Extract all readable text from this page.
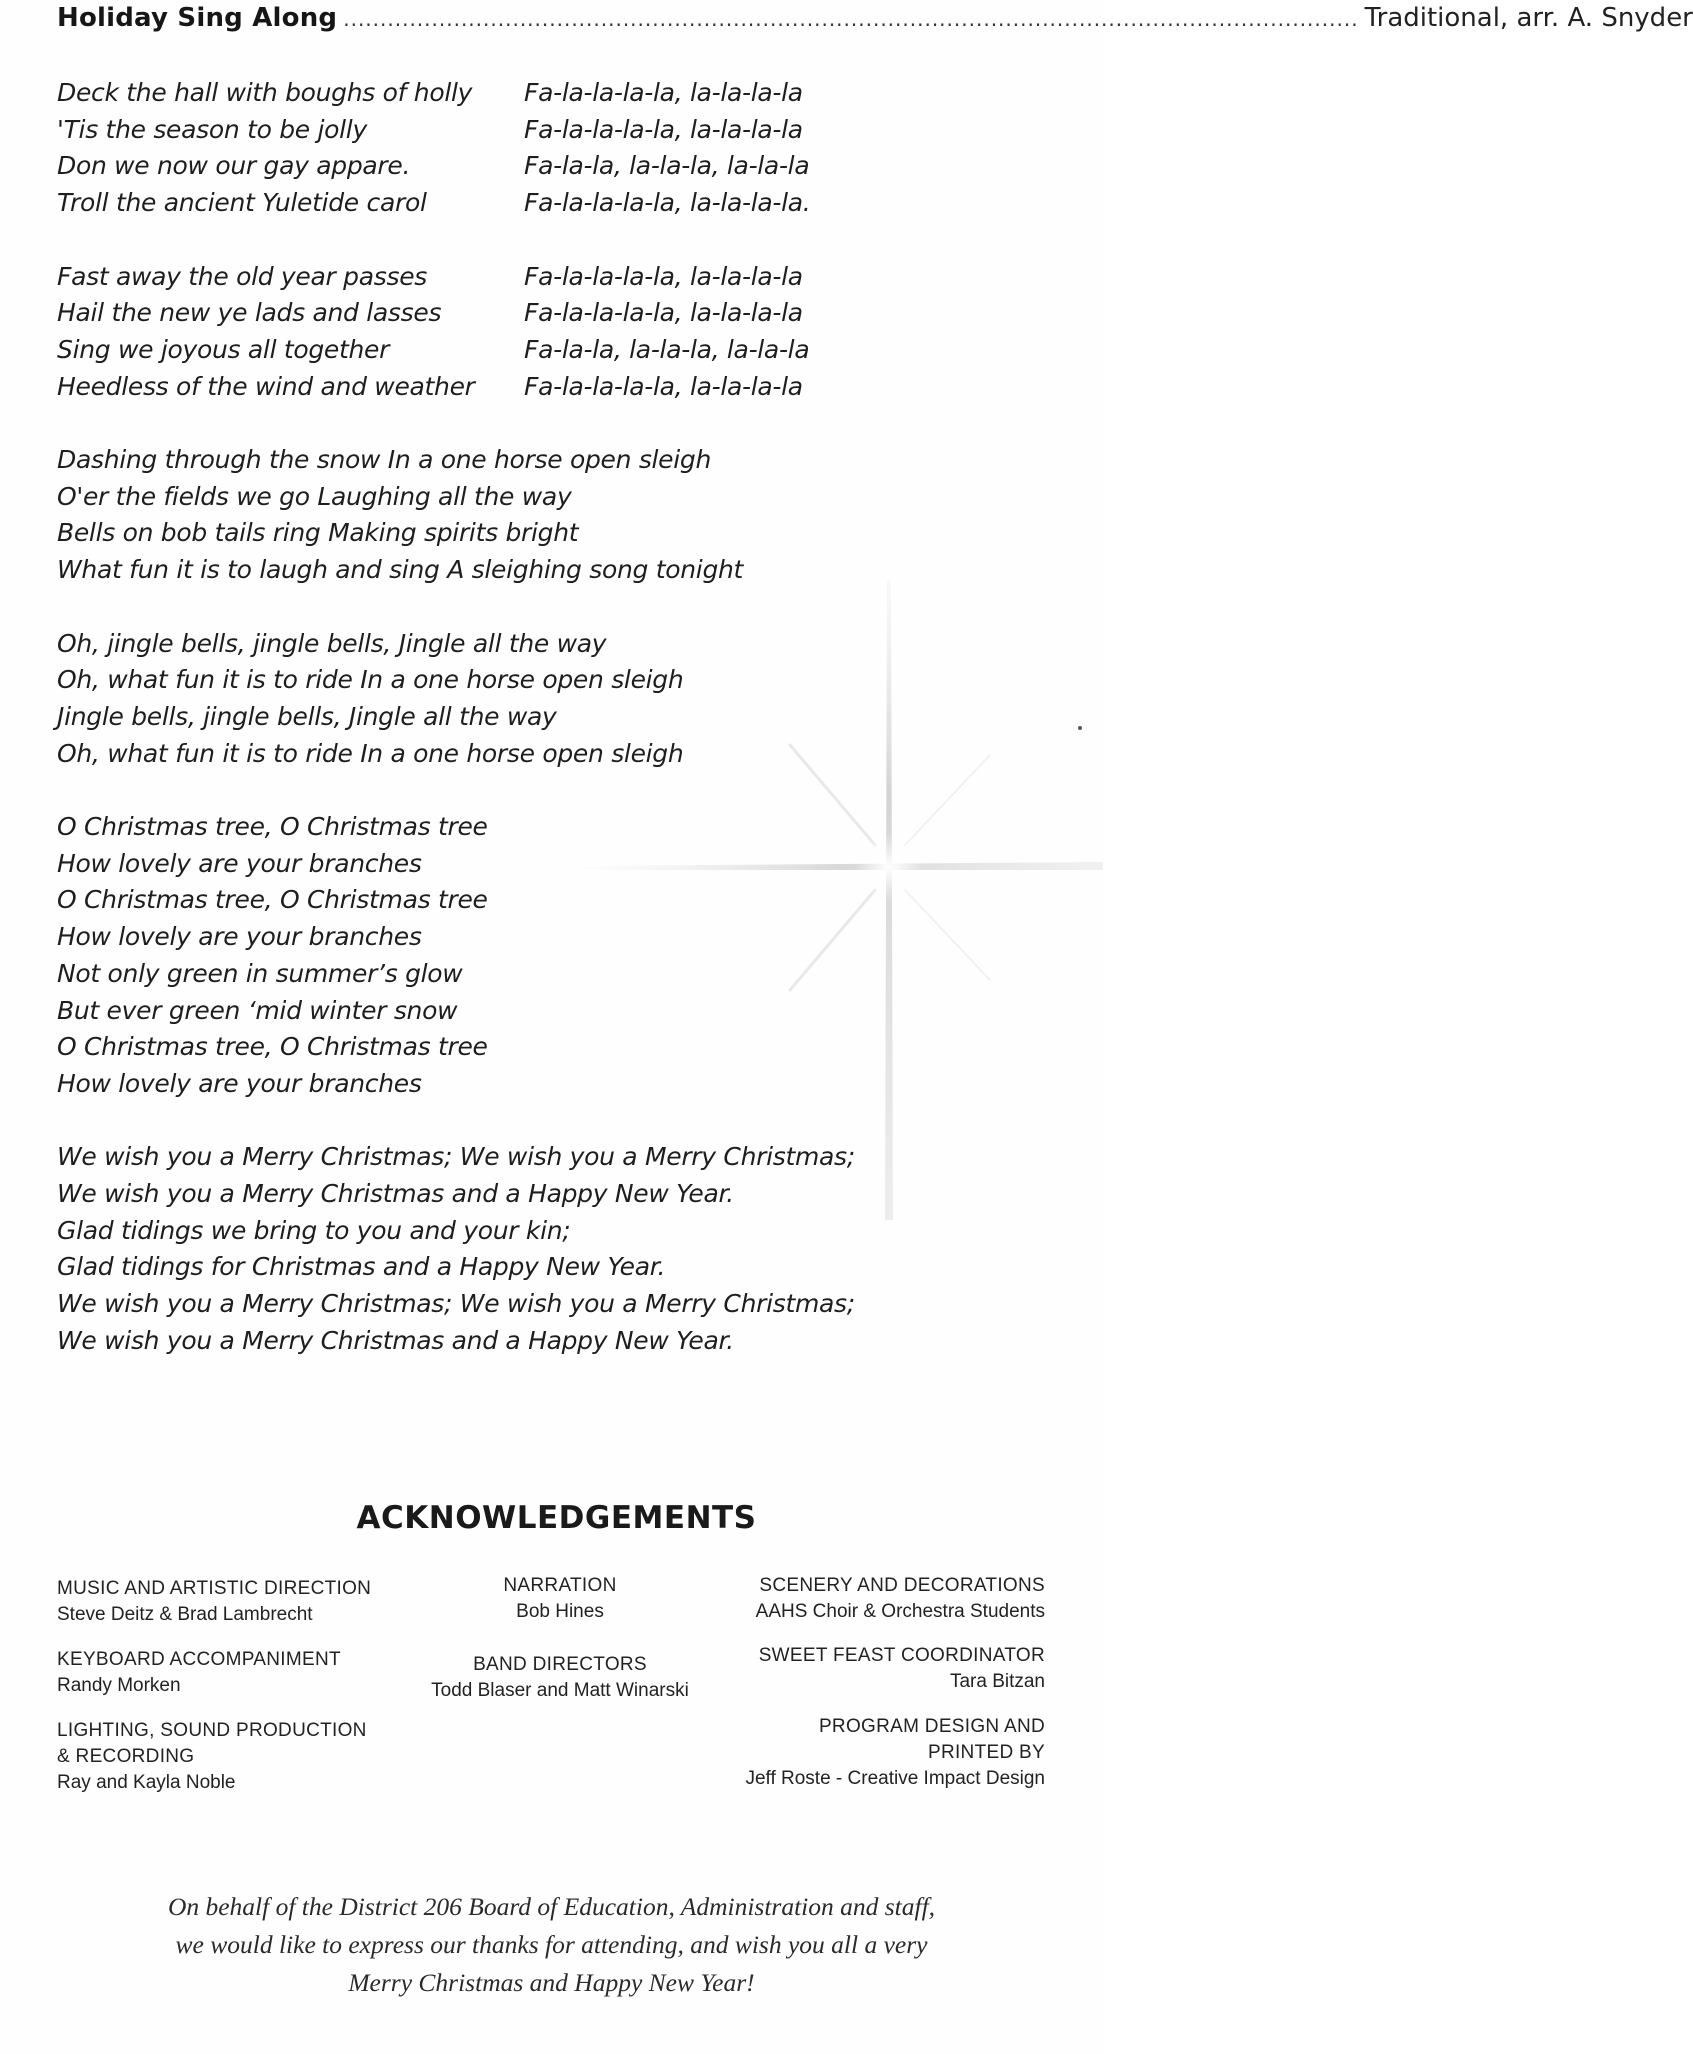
Holiday Sing Along .......................................................................................................................................... Traditional, arr. A. Snyder
Deck the hall with boughs of holly	Fa-la-la-la-la, la-la-la-la
'Tis the season to be jolly	Fa-la-la-la-la, la-la-la-la
Don we now our gay appare.	Fa-la-la, la-la-la, la-la-la
Troll the ancient Yuletide carol	Fa-la-la-la-la, la-la-la-la.
Fast away the old year passes	Fa-la-la-la-la, la-la-la-la
Hail the new ye lads and lasses	Fa-la-la-la-la, la-la-la-la
Sing we joyous all together	Fa-la-la, la-la-la, la-la-la
Heedless of the wind and weather	Fa-la-la-la-la, la-la-la-la
Dashing through the snow In a one horse open sleigh
O'er the fields we go Laughing all the way
Bells on bob tails ring Making spirits bright
What fun it is to laugh and sing A sleighing song tonight
Oh, jingle bells, jingle bells, Jingle all the way
Oh, what fun it is to ride In a one horse open sleigh
Jingle bells, jingle bells, Jingle all the way
Oh, what fun it is to ride In a one horse open sleigh
O Christmas tree, O Christmas tree
How lovely are your branches
O Christmas tree, O Christmas tree
How lovely are your branches
Not only green in summer’s glow
But ever green ‘mid winter snow
O Christmas tree, O Christmas tree
How lovely are your branches
We wish you a Merry Christmas; We wish you a Merry Christmas;
We wish you a Merry Christmas and a Happy New Year.
Glad tidings we bring to you and your kin;
Glad tidings for Christmas and a Happy New Year.
We wish you a Merry Christmas; We wish you a Merry Christmas;
We wish you a Merry Christmas and a Happy New Year.
ACKNOWLEDGEMENTS
MUSIC AND ARTISTIC DIRECTION
Steve Deitz & Brad Lambrecht
KEYBOARD ACCOMPANIMENT
Randy Morken
LIGHTING, SOUND PRODUCTION
& RECORDING
Ray and Kayla Noble
NARRATION
Bob Hines
BAND DIRECTORS
Todd Blaser and Matt Winarski
SCENERY AND DECORATIONS
AAHS Choir & Orchestra Students
SWEET FEAST COORDINATOR
Tara Bitzan
PROGRAM DESIGN AND
PRINTED BY
Jeff Roste - Creative Impact Design
On behalf of the District 206 Board of Education, Administration and staff,
we would like to express our thanks for attending, and wish you all a very
Merry Christmas and Happy New Year!
